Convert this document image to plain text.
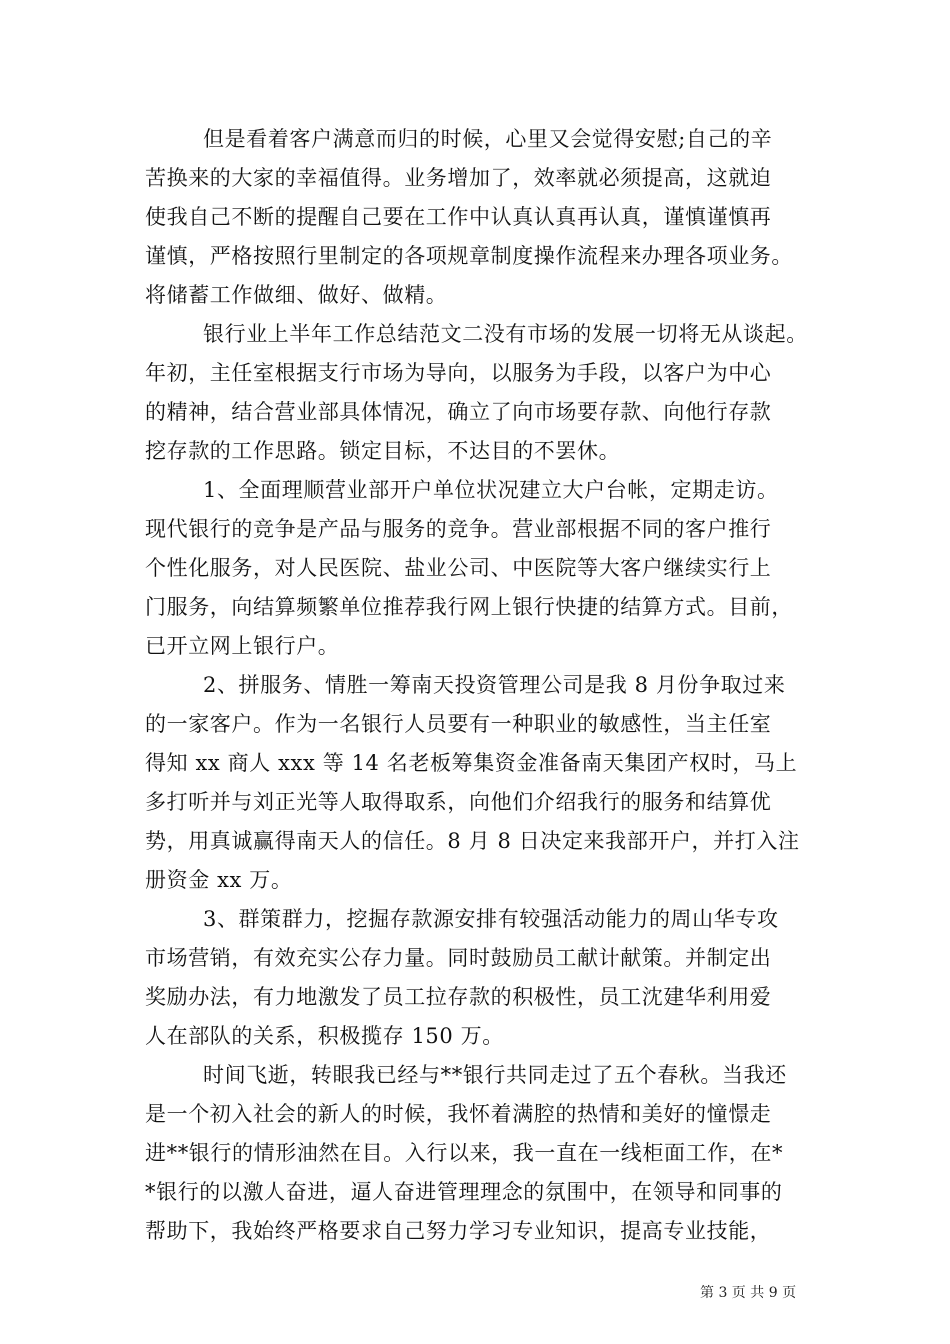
但是看着客户满意而归的时候，心里又会觉得安慰;自己的辛
苦换来的大家的幸福值得。业务增加了，效率就必须提高，这就迫
使我自己不断的提醒自己要在工作中认真认真再认真，谨慎谨慎再
谨慎，严格按照行里制定的各项规章制度操作流程来办理各项业务。
将储蓄工作做细、做好、做精。
银行业上半年工作总结范文二没有市场的发展一切将无从谈起。
年初，主任室根据支行市场为导向，以服务为手段，以客户为中心
的精神，结合营业部具体情况，确立了向市场要存款、向他行存款
挖存款的工作思路。锁定目标，不达目的不罢休。
1、全面理顺营业部开户单位状况建立大户台帐，定期走访。
现代银行的竞争是产品与服务的竞争。营业部根据不同的客户推行
个性化服务，对人民医院、盐业公司、中医院等大客户继续实行上
门服务，向结算频繁单位推荐我行网上银行快捷的结算方式。目前，
已开立网上银行户。
2、拼服务、情胜一筹南天投资管理公司是我 8 月份争取过来
的一家客户。作为一名银行人员要有一种职业的敏感性，当主任室
得知 xx 商人 xxx 等 14 名老板筹集资金准备南天集团产权时，马上
多打听并与刘正光等人取得取系，向他们介绍我行的服务和结算优
势，用真诚赢得南天人的信任。8 月 8 日决定来我部开户，并打入注
册资金 xx 万。
3、群策群力，挖掘存款源安排有较强活动能力的周山华专攻
市场营销，有效充实公存力量。同时鼓励员工献计献策。并制定出
奖励办法，有力地激发了员工拉存款的积极性，员工沈建华利用爱
人在部队的关系，积极揽存 150 万。
时间飞逝，转眼我已经与**银行共同走过了五个春秋。当我还
是一个初入社会的新人的时候，我怀着满腔的热情和美好的憧憬走
进**银行的情形油然在目。入行以来，我一直在一线柜面工作，在*
*银行的以激人奋进，逼人奋进管理理念的氛围中，在领导和同事的
帮助下，我始终严格要求自己努力学习专业知识，提高专业技能，
第 3 页 共 9 页
